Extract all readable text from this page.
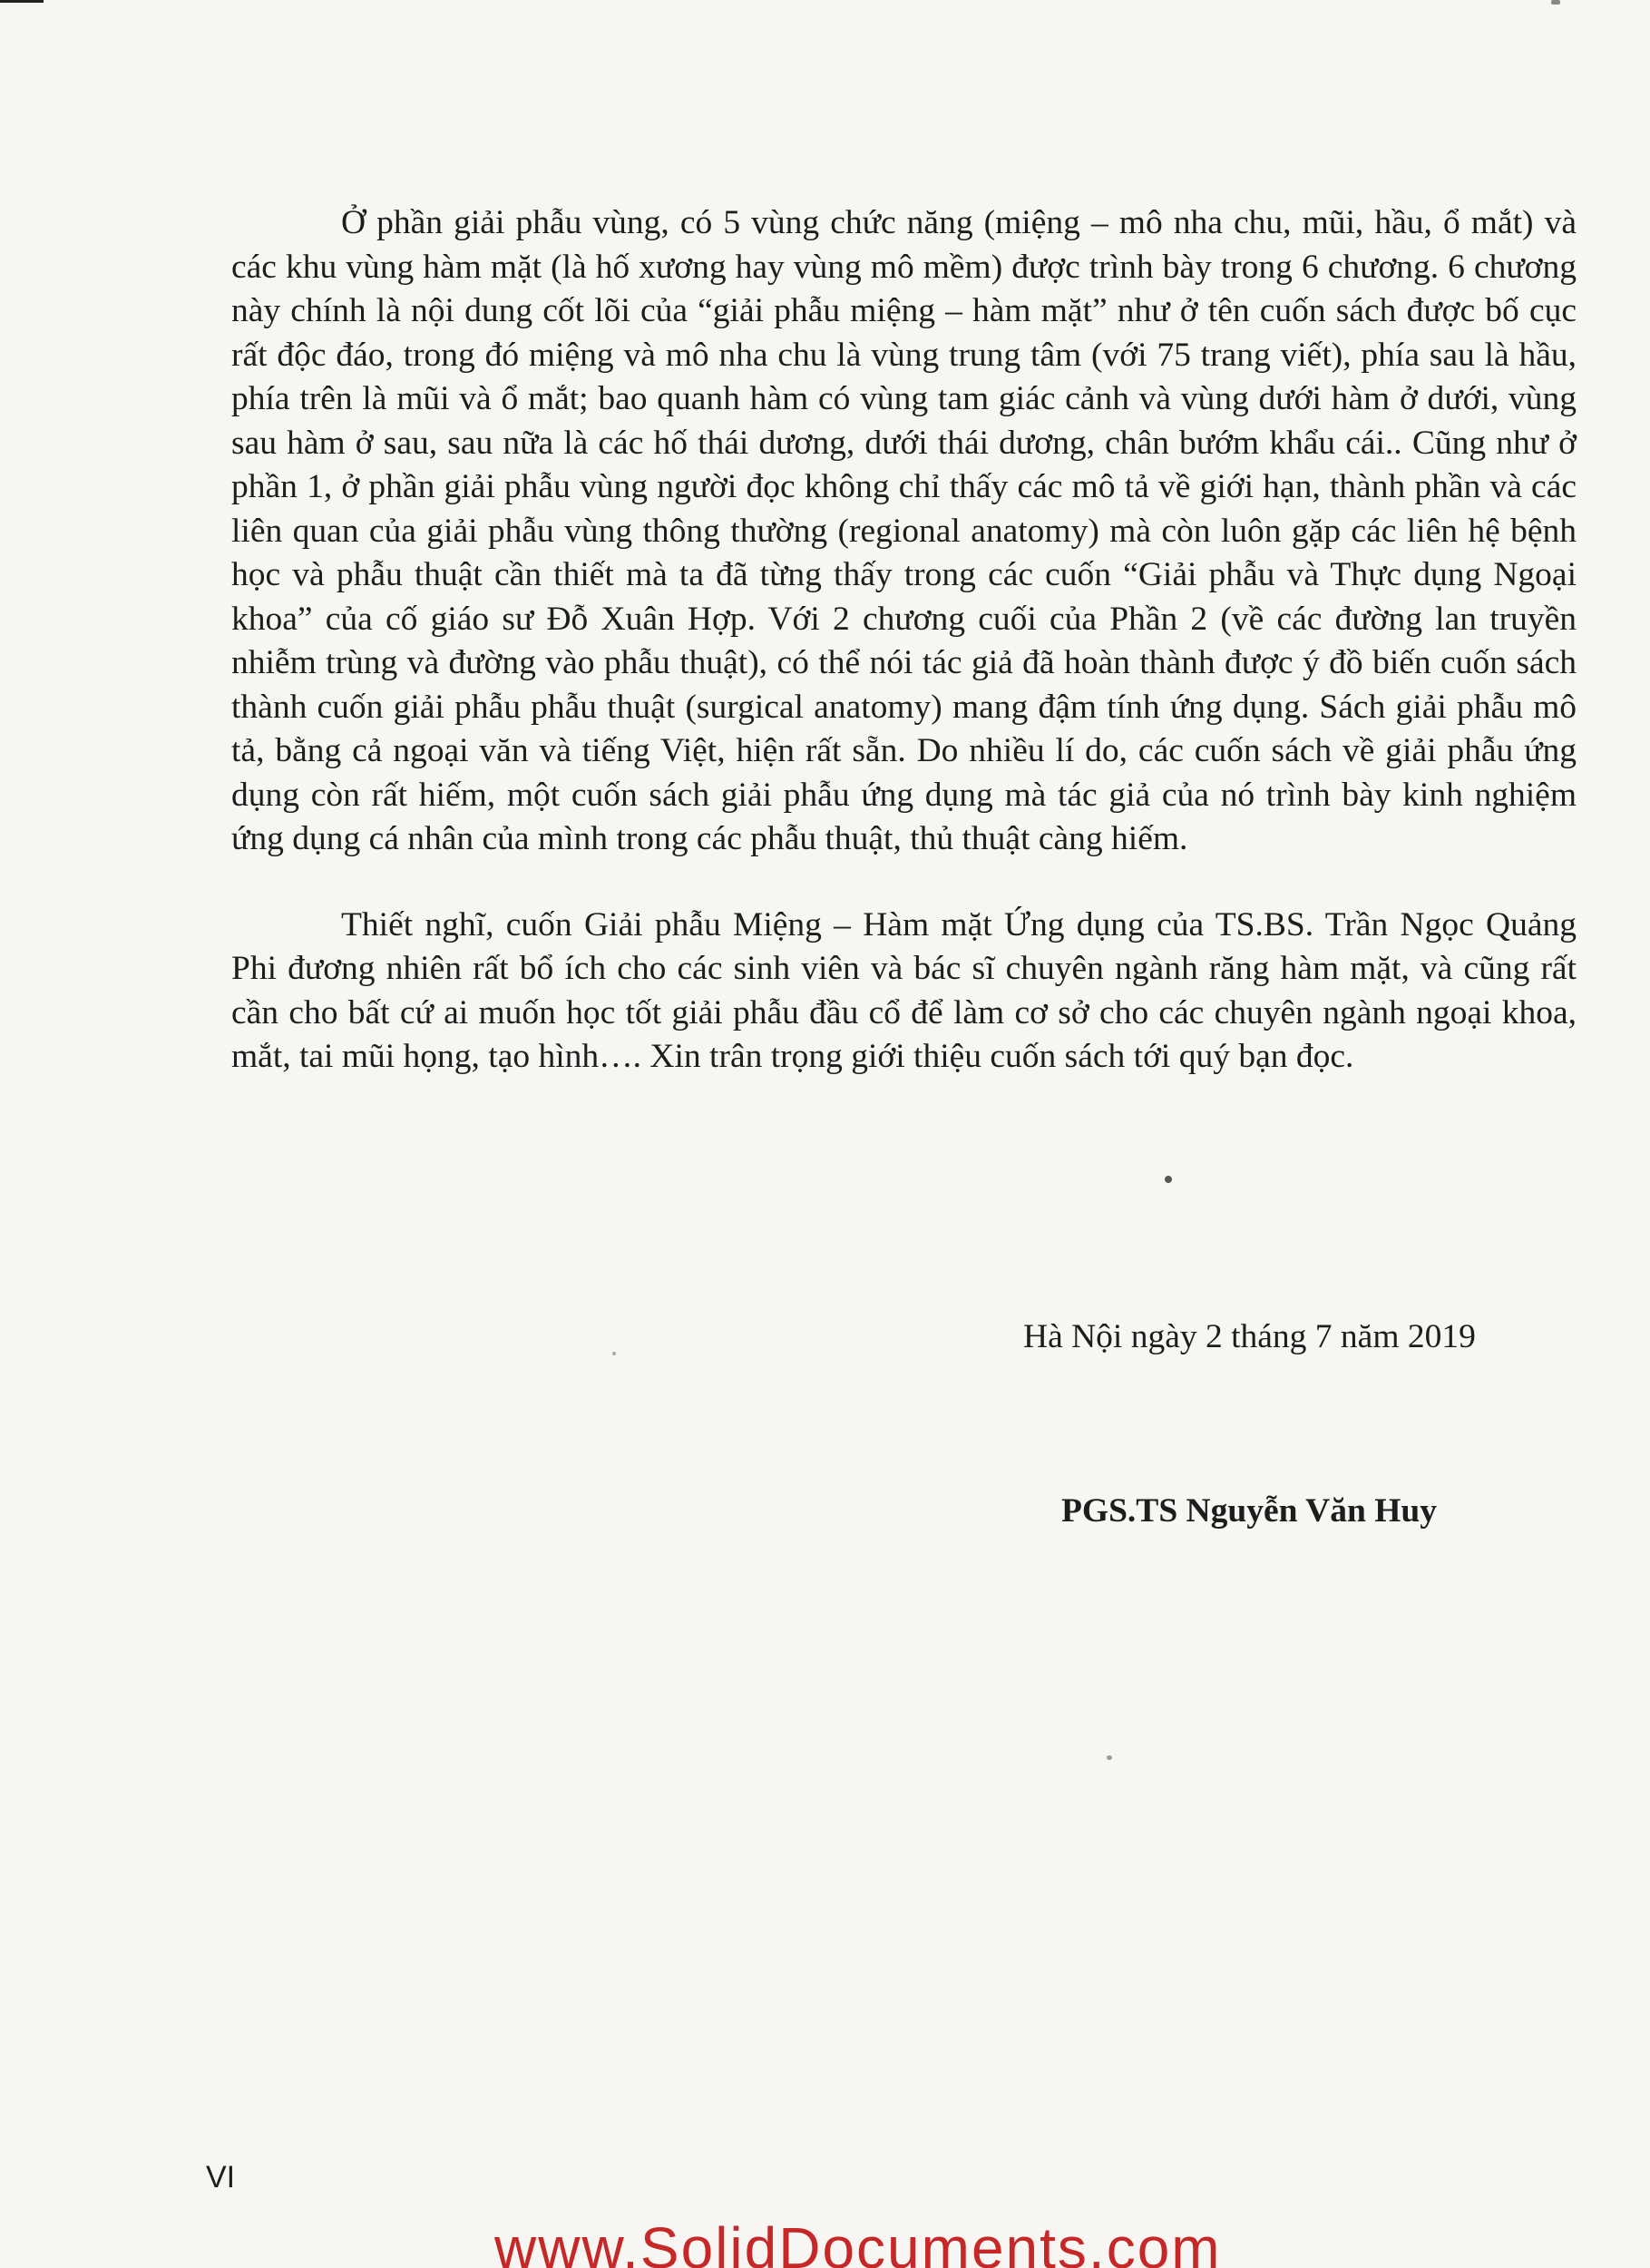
Ở phần giải phẫu vùng, có 5 vùng chức năng (miệng – mô nha chu, mũi, hầu, ổ mắt) và các khu vùng hàm mặt (là hố xương hay vùng mô mềm) được trình bày trong 6 chương. 6 chương này chính là nội dung cốt lõi của “giải phẫu miệng – hàm mặt” như ở tên cuốn sách được bố cục rất độc đáo, trong đó miệng và mô nha chu là vùng trung tâm (với 75 trang viết), phía sau là hầu, phía trên là mũi và ổ mắt; bao quanh hàm có vùng tam giác cảnh và vùng dưới hàm ở dưới, vùng sau hàm ở sau, sau nữa là các hố thái dương, dưới thái dương, chân bướm khẩu cái.. Cũng như ở phần 1, ở phần giải phẫu vùng người đọc không chỉ thấy các mô tả về giới hạn, thành phần và các liên quan của giải phẫu vùng thông thường (regional anatomy) mà còn luôn gặp các liên hệ bệnh học và phẫu thuật cần thiết mà ta đã từng thấy trong các cuốn “Giải phẫu và Thực dụng Ngoại khoa” của cố giáo sư Đỗ Xuân Hợp. Với 2 chương cuối của Phần 2 (về các đường lan truyền nhiễm trùng và đường vào phẫu thuật), có thể nói tác giả đã hoàn thành được ý đồ biến cuốn sách thành cuốn giải phẫu phẫu thuật (surgical anatomy) mang đậm tính ứng dụng. Sách giải phẫu mô tả, bằng cả ngoại văn và tiếng Việt, hiện rất sẵn. Do nhiều lí do, các cuốn sách về giải phẫu ứng dụng còn rất hiếm, một cuốn sách giải phẫu ứng dụng mà tác giả của nó trình bày kinh nghiệm ứng dụng cá nhân của mình trong các phẫu thuật, thủ thuật càng hiếm.

Thiết nghĩ, cuốn Giải phẫu Miệng – Hàm mặt Ứng dụng của TS.BS. Trần Ngọc Quảng Phi đương nhiên rất bổ ích cho các sinh viên và bác sĩ chuyên ngành răng hàm mặt, và cũng rất cần cho bất cứ ai muốn học tốt giải phẫu đầu cổ để làm cơ sở cho các chuyên ngành ngoại khoa, mắt, tai mũi họng, tạo hình…. Xin trân trọng giới thiệu cuốn sách tới quý bạn đọc.

Hà Nội ngày 2 tháng 7 năm 2019
PGS.TS Nguyễn Văn Huy
VI
www.SolidDocuments.com
